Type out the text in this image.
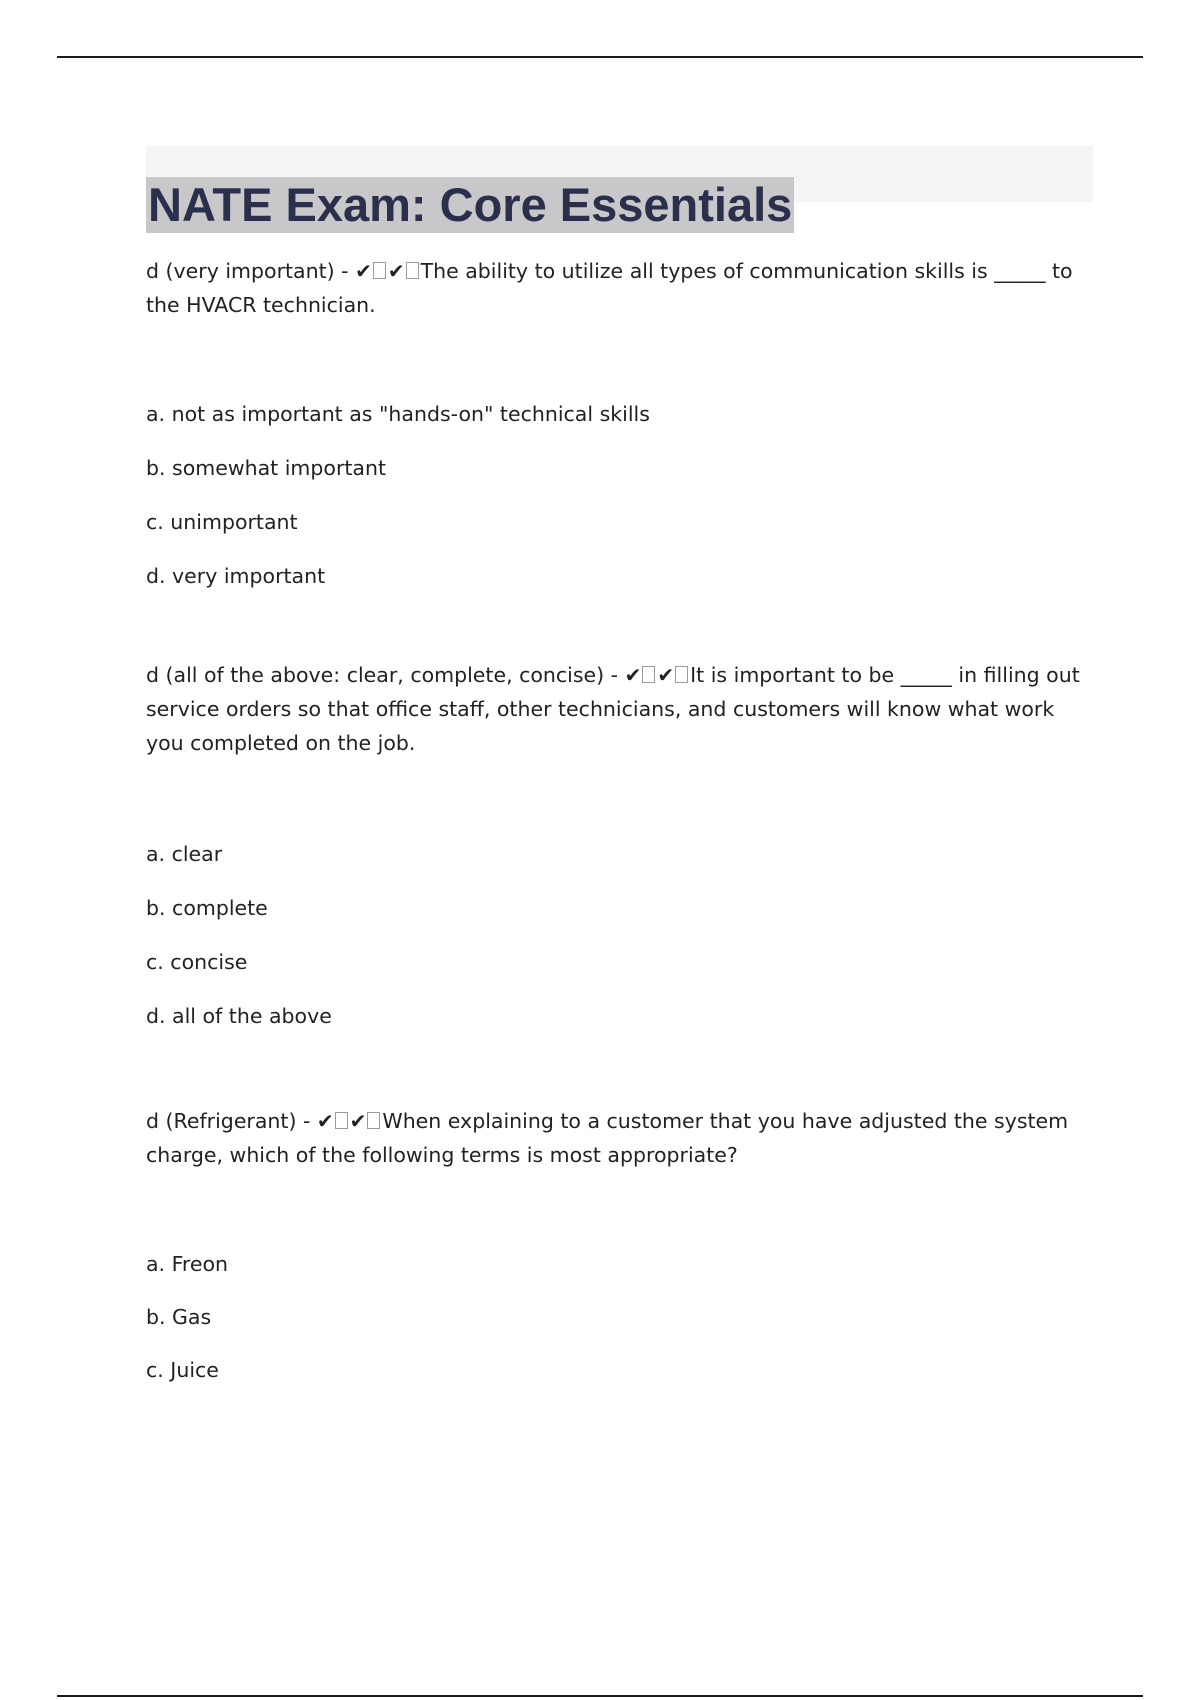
NATE Exam: Core Essentials

d (very important) - ✔ ✔ The ability to utilize all types of communication skills is _____ to the HVACR technician.

a. not as important as "hands-on" technical skills
b. somewhat important
c. unimportant
d. very important

d (all of the above: clear, complete, concise) - ✔ ✔ It is important to be _____ in filling out service orders so that office staff, other technicians, and customers will know what work you completed on the job.

a. clear
b. complete
c. concise
d. all of the above

d (Refrigerant) - ✔ ✔ When explaining to a customer that you have adjusted the system charge, which of the following terms is most appropriate?

a. Freon
b. Gas
c. Juice
